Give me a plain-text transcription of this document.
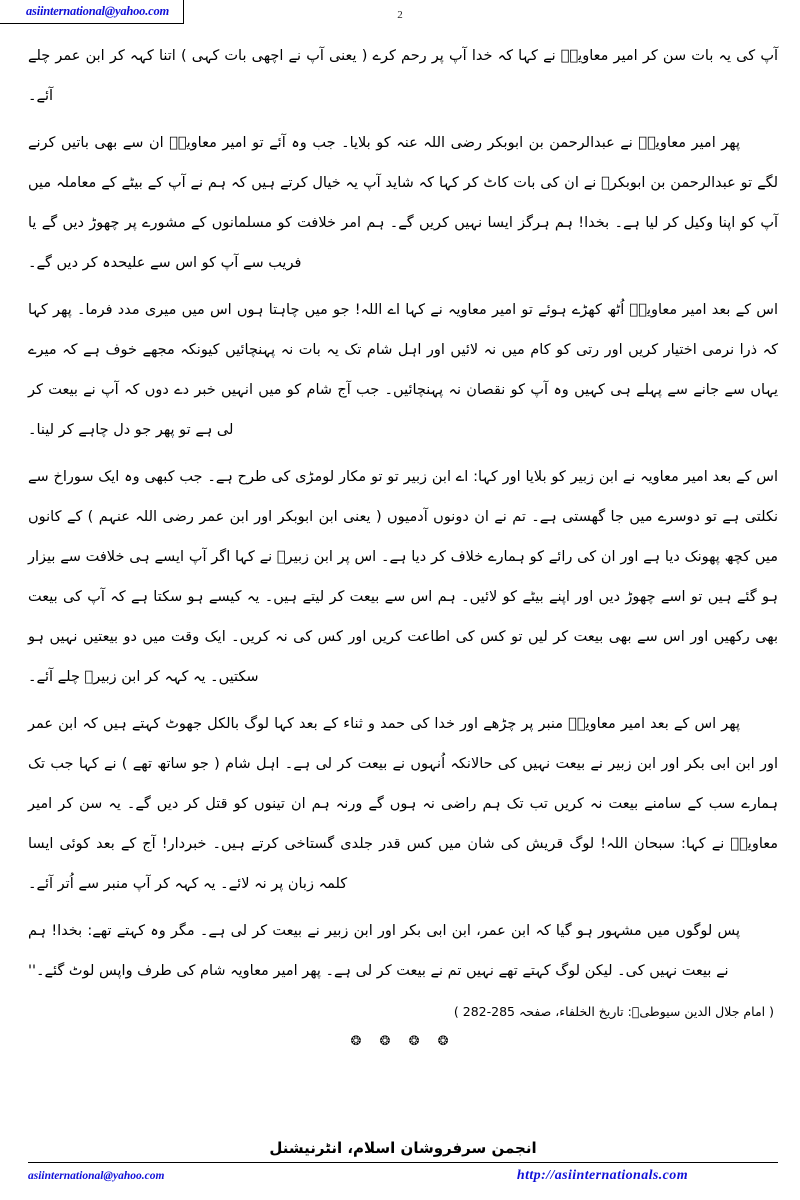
asiinternational@yahoo.com	2

آپ کی یہ بات سن کر امیر معاویہؓ نے کہا کہ خدا آپ پر رحم کرے ( یعنی آپ نے اچھی بات کہی ) اتنا کہہ کر ابن عمر چلے آئے۔

پھر امیر معاویہؓ نے عبدالرحمن بن ابوبکر رضی اللہ عنہ کو بلایا۔ جب وہ آئے تو امیر معاویہؓ ان سے بھی باتیں کرنے لگے تو عبدالرحمن بن ابوبکرؓ نے ان کی بات کاٹ کر کہا کہ شاید آپ یہ خیال کرتے ہیں کہ ہم نے آپ کے بیٹے کے معاملہ میں آپ کو اپنا وکیل کر لیا ہے۔ بخدا! ہم ہرگز ایسا نہیں کریں گے۔ ہم امر خلافت کو مسلمانوں کے مشورے پر چھوڑ دیں گے یا فریب سے آپ کو اس سے علیحدہ کر دیں گے۔

اس کے بعد امیر معاویہؓ اُٹھ کھڑے ہوئے تو امیر معاویہ نے کہا اے اللہ! جو میں چاہتا ہوں اس میں میری مدد فرما۔ پھر کہا کہ ذرا نرمی اختیار کریں اور رتی کو کام میں نہ لائیں اور اہل شام تک یہ بات نہ پہنچائیں کیونکہ مجھے خوف ہے کہ میرے یہاں سے جانے سے پہلے ہی کہیں وہ آپ کو نقصان نہ پہنچائیں۔ جب آج شام کو میں انہیں خبر دے دوں کہ آپ نے بیعت کر لی ہے تو پھر جو دل چاہے کر لینا۔

اس کے بعد امیر معاویہ نے ابن زبیر کو بلایا اور کہا: اے ابن زبیر تو تو مکار لومڑی کی طرح ہے۔ جب کبھی وہ ایک سوراخ سے نکلتی ہے تو دوسرے میں جا گھستی ہے۔ تم نے ان دونوں آدمیوں ( یعنی ابن ابوبکر اور ابن عمر رضی اللہ عنہم ) کے کانوں میں کچھ پھونک دیا ہے اور ان کی رائے کو ہمارے خلاف کر دیا ہے۔ اس پر ابن زبیرؓ نے کہا اگر آپ ایسے ہی خلافت سے بیزار ہو گئے ہیں تو اسے چھوڑ دیں اور اپنے بیٹے کو لائیں۔ ہم اس سے بیعت کر لیتے ہیں۔ یہ کیسے ہو سکتا ہے کہ آپ کی بیعت بھی رکھیں اور اس سے بھی بیعت کر لیں تو کس کی اطاعت کریں اور کس کی نہ کریں۔ ایک وقت میں دو بیعتیں نہیں ہو سکتیں۔ یہ کہہ کر ابن زبیرؓ چلے آئے۔

پھر اس کے بعد امیر معاویہؓ منبر پر چڑھے اور خدا کی حمد و ثناء کے بعد کہا لوگ بالکل جھوٹ کہتے ہیں کہ ابن عمر اور ابن ابی بکر اور ابن زبیر نے بیعت نہیں کی حالانکہ اُنہوں نے بیعت کر لی ہے۔ اہل شام ( جو ساتھ تھے ) نے کہا جب تک ہمارے سب کے سامنے بیعت نہ کریں تب تک ہم راضی نہ ہوں گے ورنہ ہم ان تینوں کو قتل کر دیں گے۔ یہ سن کر امیر معاویہؓ نے کہا: سبحان اللہ! لوگ قریش کی شان میں کس قدر جلدی گستاخی کرتے ہیں۔ خبردار! آج کے بعد کوئی ایسا کلمہ زبان پر نہ لائے۔ یہ کہہ کر آپ منبر سے اُتر آئے۔

پس لوگوں میں مشہور ہو گیا کہ ابن عمر، ابن ابی بکر اور ابن زبیر نے بیعت کر لی ہے۔ مگر وہ کہتے تھے: بخدا! ہم نے بیعت نہیں کی۔ لیکن لوگ کہتے تھے نہیں تم نے بیعت کر لی ہے۔ پھر امیر معاویہ شام کی طرف واپس لوٹ گئے۔''

( امام جلال الدین سیوطیؒ: تاریخ الخلفاء، صفحہ 285-282 )
❂ ❂ ❂ ❂
انجمن سرفروشان اسلام، انٹرنیشنل
asiinternational@yahoo.com	http://asiinternationals.com
